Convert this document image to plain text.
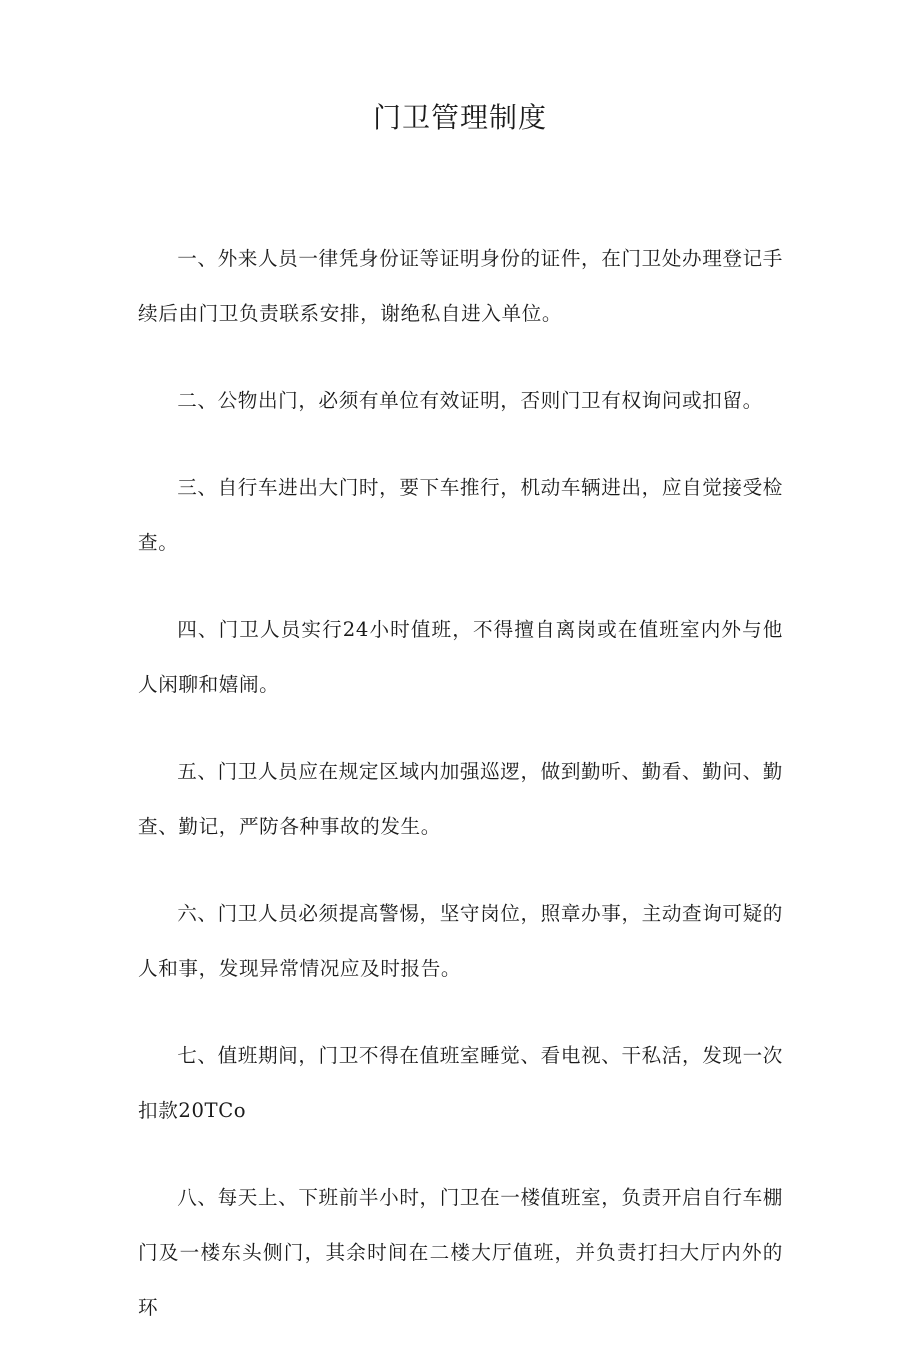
门卫管理制度

一、外来人员一律凭身份证等证明身份的证件，在门卫处办理登记手续后由门卫负责联系安排，谢绝私自进入单位。

二、公物出门，必须有单位有效证明，否则门卫有权询问或扣留。

三、自行车进出大门时，要下车推行，机动车辆进出，应自觉接受检查。

四、门卫人员实行24小时值班，不得擅自离岗或在值班室内外与他人闲聊和嬉闹。

五、门卫人员应在规定区域内加强巡逻，做到勤听、勤看、勤问、勤查、勤记，严防各种事故的发生。

六、门卫人员必须提高警惕，坚守岗位，照章办事，主动查询可疑的人和事，发现异常情况应及时报告。

七、值班期间，门卫不得在值班室睡觉、看电视、干私活，发现一次扣款20TCo

八、每天上、下班前半小时，门卫在一楼值班室，负责开启自行车棚门及一楼东头侧门，其余时间在二楼大厅值班，并负责打扫大厅内外的环
